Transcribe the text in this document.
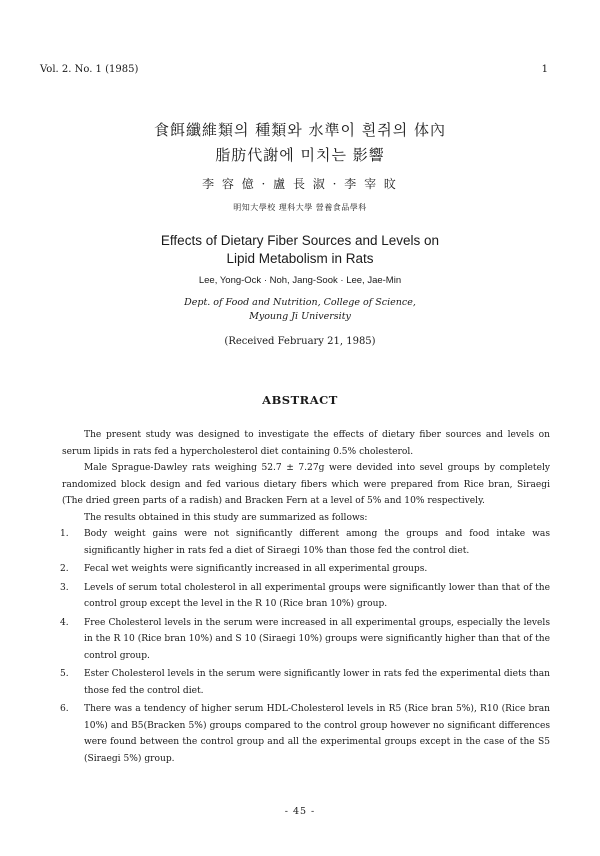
Vol. 2. No. 1 (1985)	1
食餌纖維類의 種類와 水準이 흰쥐의 体內
脂肪代謝에 미치는 影響
李 容 億 · 盧 長 淑 · 李 宰 旼
明知大學校 理科大學 營養食品學科
Effects of Dietary Fiber Sources and Levels on
Lipid Metabolism in Rats
Lee, Yong-Ock · Noh, Jang-Sook · Lee, Jae-Min
Dept. of Food and Nutrition, College of Science,
Myoung Ji University
(Received February 21, 1985)
ABSTRACT

The present study was designed to investigate the effects of dietary fiber sources and levels on serum lipids in rats fed a hypercholesterol diet containing 0.5% cholesterol.

Male Sprague-Dawley rats weighing 52.7 ± 7.27g were devided into sevel groups by completely randomized block design and fed various dietary fibers which were prepared from Rice bran, Siraegi (The dried green parts of a radish) and Bracken Fern at a level of 5% and 10% respectively.

The results obtained in this study are summarized as follows:

1. Body weight gains were not significantly different among the groups and food intake was significantly higher in rats fed a diet of Siraegi 10% than those fed the control diet.
2. Fecal wet weights were significantly increased in all experimental groups.
3. Levels of serum total cholesterol in all experimental groups were significantly lower than that of the control group except the level in the R 10 (Rice bran 10%) group.
4. Free Cholesterol levels in the serum were increased in all experimental groups, especially the levels in the R 10 (Rice bran 10%) and S 10 (Siraegi 10%) groups were significantly higher than that of the control group.
5. Ester Cholesterol levels in the serum were significantly lower in rats fed the experimental diets than those fed the control diet.
6. There was a tendency of higher serum HDL-Cholesterol levels in R5 (Rice bran 5%), R10 (Rice bran 10%) and B5(Bracken 5%) groups compared to the control group however no significant differences were found between the control group and all the experimental groups except in the case of the S5 (Siraegi 5%) group.
- 45 -
